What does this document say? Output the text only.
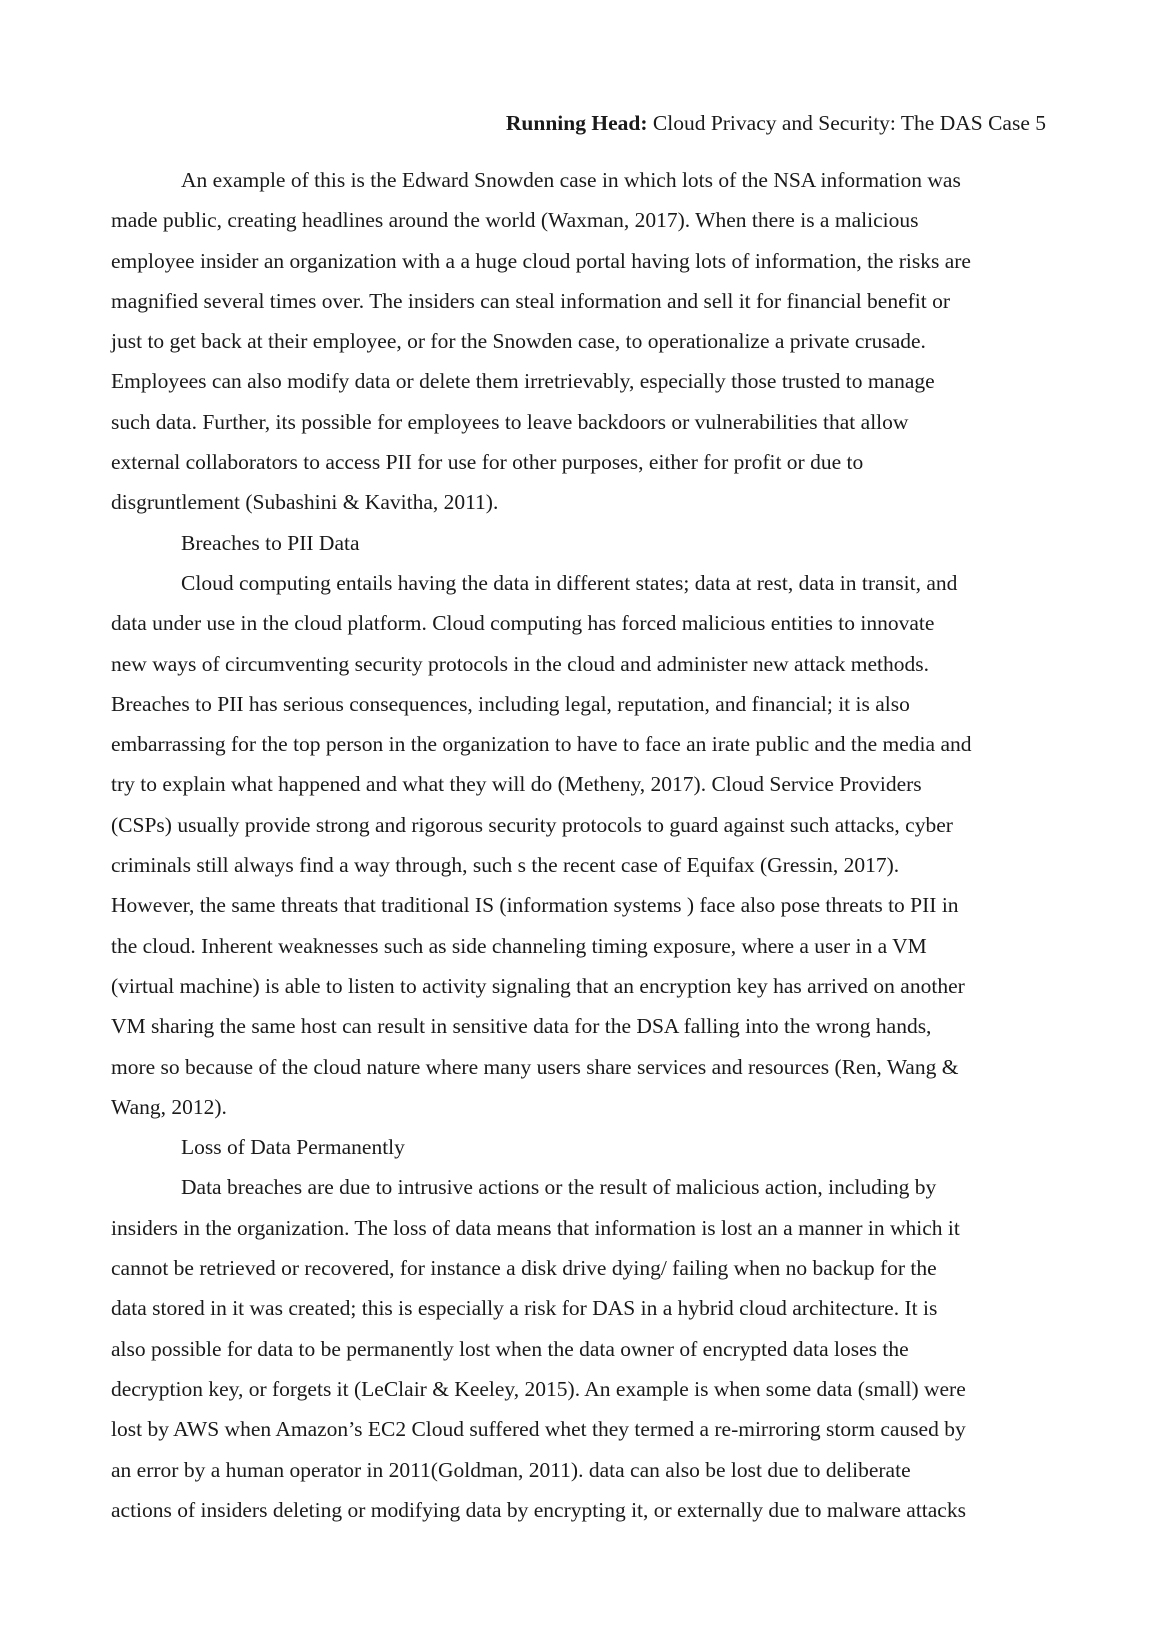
Running Head: Cloud Privacy and Security: The DAS Case 5
An example of this is the Edward Snowden case in which lots of the NSA information was
made public, creating headlines around the world (Waxman, 2017). When there is a malicious
employee insider an organization with a a huge cloud portal having lots of information, the risks are
magnified several times over. The insiders can steal information and sell it for financial benefit or
just to get back at their employee, or for the Snowden case, to operationalize a private crusade.
Employees can also modify data or delete them irretrievably, especially those trusted to manage
such data. Further, its possible for employees to leave backdoors or vulnerabilities that allow
external collaborators to access PII for use for other purposes, either for profit or due to
disgruntlement (Subashini & Kavitha, 2011).
Breaches to PII Data
Cloud computing entails having the data in different states; data at rest, data in transit, and
data under use in the cloud platform. Cloud computing has forced malicious entities to innovate
new ways of circumventing security protocols in the cloud and administer new attack methods.
Breaches to PII has serious consequences, including legal, reputation, and financial; it is also
embarrassing for the top person in the organization to have to face an irate public and the media and
try to explain what happened and what they will do (Metheny, 2017). Cloud Service Providers
(CSPs) usually provide strong and rigorous security protocols to guard against such attacks, cyber
criminals still always find a way through, such s the recent case of Equifax (Gressin, 2017).
However, the same threats that traditional IS (information systems ) face also pose threats to PII in
the cloud. Inherent weaknesses such as side channeling timing exposure, where a user in a VM
(virtual machine) is able to listen to activity signaling that an encryption key has arrived on another
VM sharing the same host can result in sensitive data for the DSA falling into the wrong hands,
more so because of the cloud nature where many users share services and resources (Ren, Wang &
Wang, 2012).
Loss of Data Permanently
Data breaches are due to intrusive actions or the result of malicious action, including by
insiders in the organization. The loss of data means that information is lost an a manner in which it
cannot be retrieved or recovered, for instance a disk drive dying/ failing when no backup for the
data stored in it was created; this is especially a risk for DAS in a hybrid cloud architecture. It is
also possible for data to be permanently lost when the data owner of encrypted data loses the
decryption key, or forgets it (LeClair & Keeley, 2015). An example is when some data (small) were
lost by AWS when Amazon’s EC2 Cloud suffered whet they termed a re-mirroring storm caused by
an error by a human operator in 2011(Goldman, 2011). data can also be lost due to deliberate
actions of insiders deleting or modifying data by encrypting it, or externally due to malware attacks
